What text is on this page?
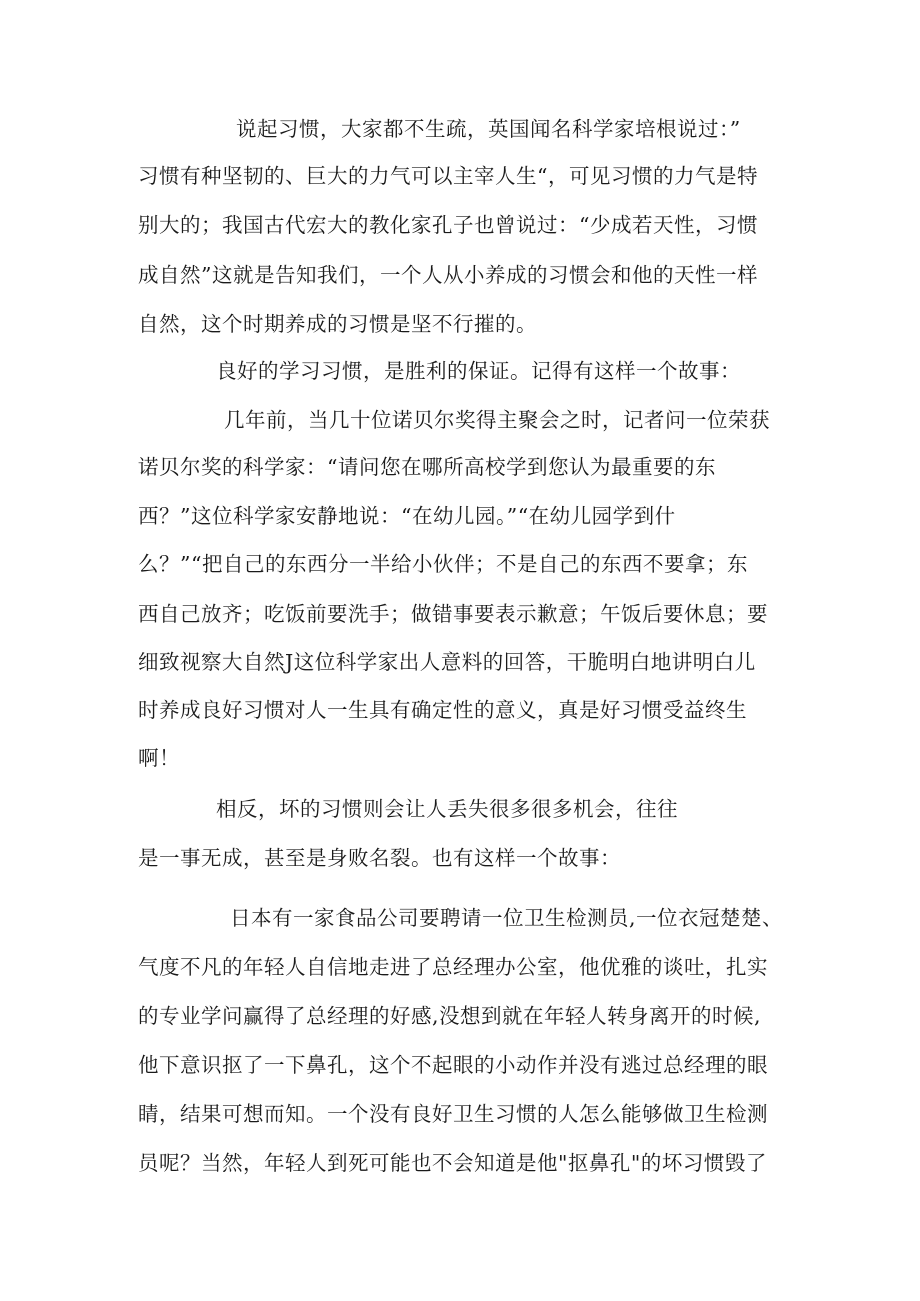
说起习惯，大家都不生疏，英国闻名科学家培根说过：”
习惯有种坚韧的、巨大的力气可以主宰人生“，可见习惯的力气是特
别大的；我国古代宏大的教化家孔子也曾说过：“少成若天性，习惯
成自然”这就是告知我们，一个人从小养成的习惯会和他的天性一样
自然，这个时期养成的习惯是坚不行摧的。
良好的学习习惯，是胜利的保证。记得有这样一个故事：
几年前，当几十位诺贝尔奖得主聚会之时，记者问一位荣获
诺贝尔奖的科学家：“请问您在哪所高校学到您认为最重要的东
西？”这位科学家安静地说：“在幼儿园。”“在幼儿园学到什
么？”“把自己的东西分一半给小伙伴；不是自己的东西不要拿；东
西自己放齐；吃饭前要洗手；做错事要表示歉意；午饭后要休息；要
细致视察大自然J这位科学家出人意料的回答，干脆明白地讲明白儿
时养成良好习惯对人一生具有确定性的意义，真是好习惯受益终生
啊！
相反，坏的习惯则会让人丢失很多很多机会，往往
是一事无成，甚至是身败名裂。也有这样一个故事：
日本有一家食品公司要聘请一位卫生检测员,一位衣冠楚楚、
气度不凡的年轻人自信地走进了总经理办公室，他优雅的谈吐，扎实
的专业学问赢得了总经理的好感,没想到就在年轻人转身离开的时候,
他下意识抠了一下鼻孔，这个不起眼的小动作并没有逃过总经理的眼
睛，结果可想而知。一个没有良好卫生习惯的人怎么能够做卫生检测
员呢？当然，年轻人到死可能也不会知道是他"抠鼻孔"的坏习惯毁了
